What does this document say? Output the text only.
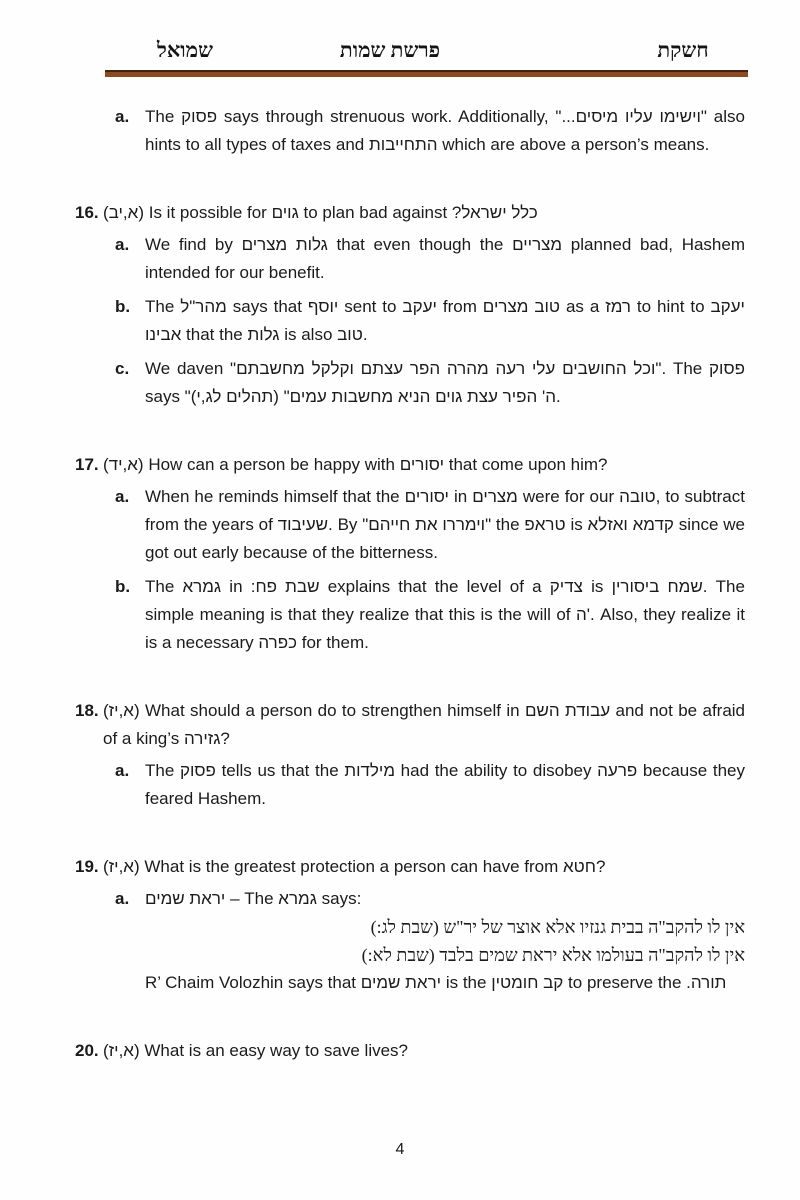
שמואל	פרשת שמות	חשקת
a. The פסוק says through strenuous work. Additionally, ‏"וישימו עליו מיסים..."‏ also hints to all types of taxes and התחייבות which are above a person’s means.
16. (א,יב) Is it possible for גוים to plan bad against כלל ישראל?‏
a. We find by גלות מצרים that even though the מצריים planned bad, Hashem intended for our benefit.
b. The מהר"ל says that יוסף sent to יעקב from טוב מצרים as a רמז to hint to יעקב אבינו that the גלות is also טוב.
c. We daven "וכל החושבים עלי רעה מהרה הפר עצתם וקלקל מחשבתם". The פסוק says "ה' הפיר עצת גוים הניא מחשבות עמים" (תהלים לג,י).
17. (א,יד) How can a person be happy with יסורים that come upon him?
a. When he reminds himself that the יסורים in מצרים were for our טובה, to subtract from the years of שעיבוד. By "וימררו את חייהם" the טראפ is קדמא ואזלא since we got out early because of the bitterness.
b. The גמרא in שבת פח:‏ explains that the level of a צדיק is שמח ביסורין. The simple meaning is that they realize that this is the will of ה'. Also, they realize it is a necessary כפרה for them.
18. (א,יז) What should a person do to strengthen himself in עבודת השם and not be afraid of a king’s גזירה?
a. The פסוק tells us that the מילדות had the ability to disobey פרעה because they feared Hashem.
19. (א,יז) What is the greatest protection a person can have from חטא?
a. יראת שמים – The גמרא says:
אין לו להקב"ה בבית גנזיו אלא אוצר של יר"ש (שבת לג:)
אין לו להקב"ה בעולמו אלא יראת שמים בלבד (שבת לא:)
R’ Chaim Volozhin says that יראת שמים is the קב חומטין to preserve the תורה.‏
20. (א,יז) What is an easy way to save lives?
4
